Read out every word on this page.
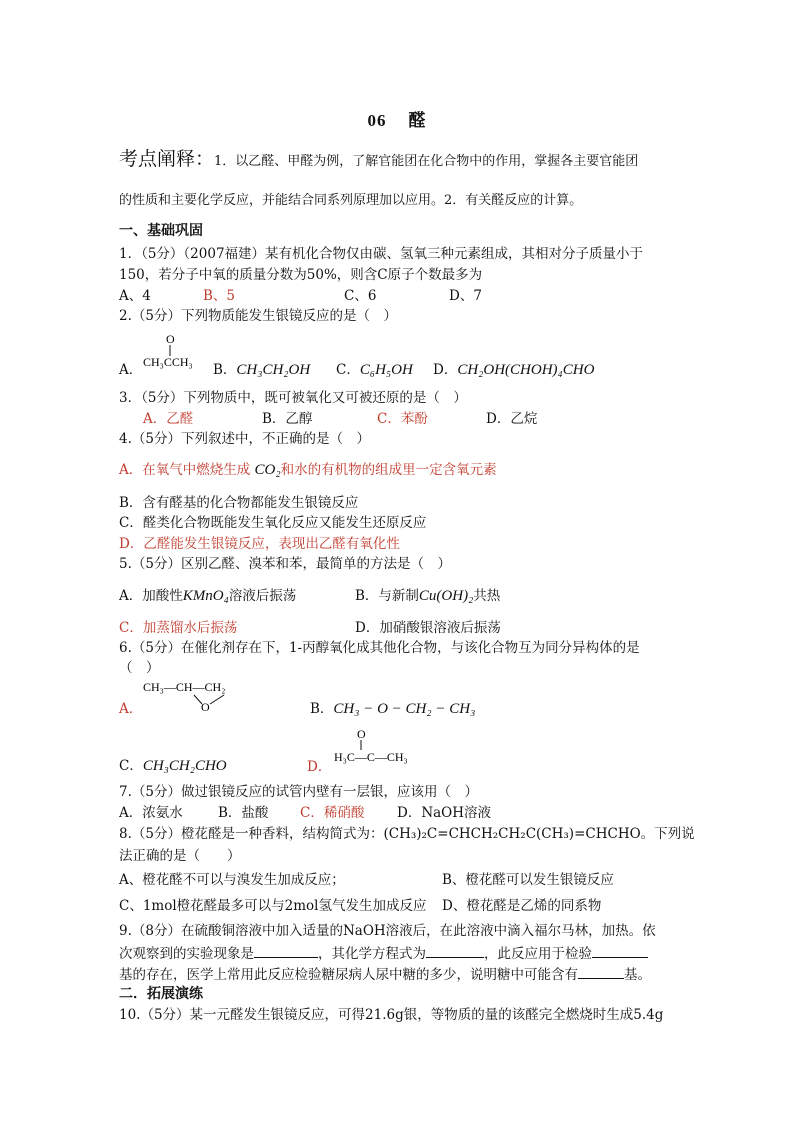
06 醛
考点阐释：1．以乙醛、甲醛为例，了解官能团在化合物中的作用，掌握各主要官能团
的性质和主要化学反应，并能结合同系列原理加以应用。2．有关醛反应的计算。
一、基础巩固
1．（5分）（2007福建）某有机化合物仅由碳、氢氧三种元素组成，其相对分子质量小于
150，若分子中氧的质量分数为50%，则含C原子个数最多为
A、4	B、5	C、6	D、7
2.（5分）下列物质能发生银镜反应的是（　）
A．
O
CH₃CCH₃ B．CH₃CH₂OH C．C₆H₅OH D．CH₂OH(CHOH)₄CHO
3．（5分）下列物质中，既可被氧化又可被还原的是（　）
A．乙醛	B．乙醇	C．苯酚	D．乙烷
4.（5分）下列叙述中，不正确的是（　）
A．在氧气中燃烧生成 CO₂和水的有机物的组成里一定含氧元素
B．含有醛基的化合物都能发生银镜反应
C．醛类化合物既能发生氧化反应又能发生还原反应
D．乙醛能发生银镜反应，表现出乙醛有氧化性
5.（5分）区别乙醛、溴苯和苯，最简单的方法是（　）
A．加酸性KMnO₄溶液后振荡	B．与新制Cu(OH)₂共热
C．加蒸馏水后振荡	D．加硝酸银溶液后振荡
6.（5分）在催化剂存在下，1-丙醇氧化成其他化合物，与该化合物互为同分异构体的是
（　）
A．
CH₃—CH—CH₂
O	B．CH₃ − O − CH₂ − CH₃
C．CH₃CH₂CHO	D．
O
H₃C—C—CH₃
7.（5分）做过银镜反应的试管内壁有一层银，应该用（　）
A．浓氨水	B．盐酸 C．稀硝酸 D．NaOH溶液
8.（5分）橙花醛是一种香料，结构简式为：(CH₃)₂C=CHCH₂CH₂C(CH₃)=CHCHO。下列说
法正确的是（　　）
A、橙花醛不可以与溴发生加成反应；	B、橙花醛可以发生银镜反应
C、1mol橙花醛最多可以与2mol氢气发生加成反应 D、橙花醛是乙烯的同系物
9.（8分）在硫酸铜溶液中加入适量的NaOH溶液后，在此溶液中滴入福尔马林，加热。依
次观察到的实验现象是	，其化学方程式为	，此反应用于检验
基的存在，医学上常用此反应检验糖尿病人尿中糖的多少，说明糖中可能含有	基。
二．拓展演练
10.（5分）某一元醛发生银镜反应，可得21.6g银，等物质的量的该醛完全燃烧时生成5.4g
